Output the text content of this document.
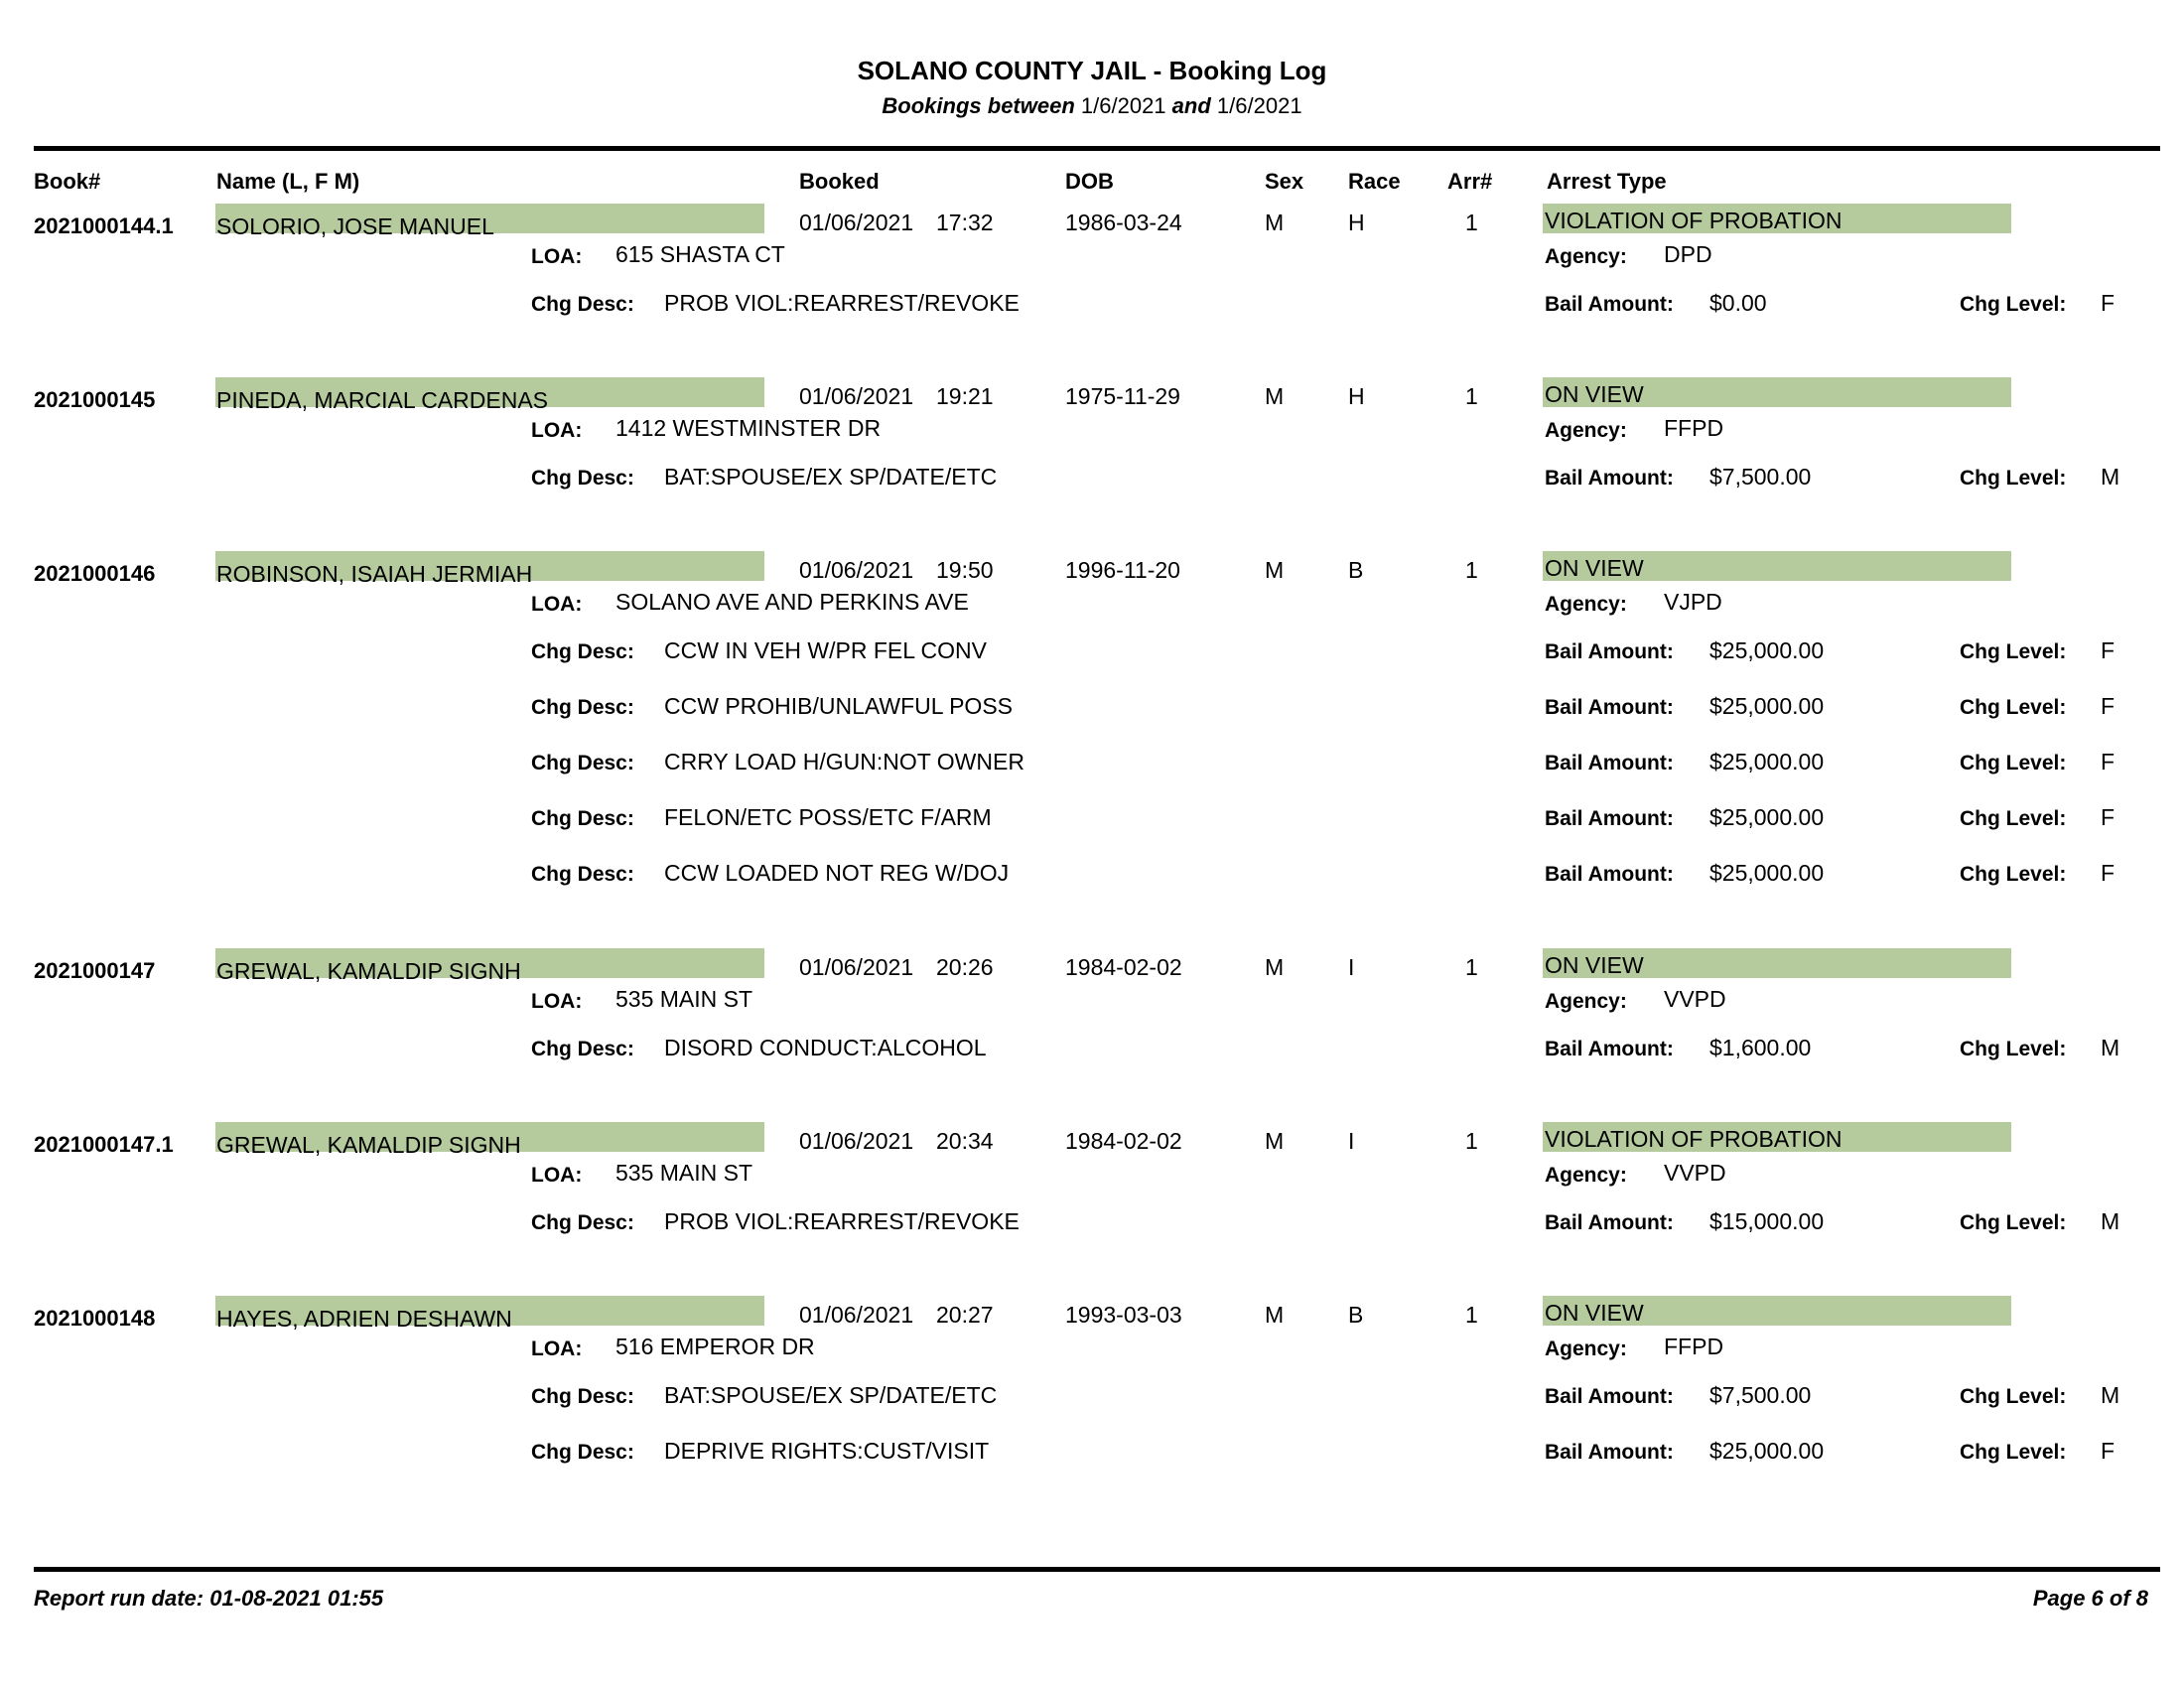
SOLANO COUNTY JAIL - Booking Log
Bookings between 1/6/2021 and 1/6/2021
Book#	Name (L, F M)	Booked	DOB	Sex Race Arr# Arrest Type
2021000144.1 SOLORIO, JOSE MANUEL	01/06/2021 17:32	1986-03-24	M	H	1	VIOLATION OF PROBATION
LOA: 615 SHASTA CT	Agency: DPD
Chg Desc: PROB VIOL:REARREST/REVOKE	Bail Amount: $0.00	Chg Level: F
2021000145	PINEDA, MARCIAL CARDENAS	01/06/2021 19:21	1975-11-29	M	H	1	ON VIEW
LOA: 1412 WESTMINSTER DR	Agency: FFPD
Chg Desc: BAT:SPOUSE/EX SP/DATE/ETC	Bail Amount: $7,500.00	Chg Level: M
2021000146	ROBINSON, ISAIAH JERMIAH	01/06/2021 19:50	1996-11-20	M	B	1	ON VIEW
LOA: SOLANO AVE AND PERKINS AVE	Agency: VJPD
Chg Desc: CCW IN VEH W/PR FEL CONV	Bail Amount: $25,000.00	Chg Level: F
Chg Desc: CCW PROHIB/UNLAWFUL POSS	Bail Amount: $25,000.00	Chg Level: F
Chg Desc: CRRY LOAD H/GUN:NOT OWNER	Bail Amount: $25,000.00	Chg Level: F
Chg Desc: FELON/ETC POSS/ETC F/ARM	Bail Amount: $25,000.00	Chg Level: F
Chg Desc: CCW LOADED NOT REG W/DOJ	Bail Amount: $25,000.00	Chg Level: F
2021000147	GREWAL, KAMALDIP SIGNH	01/06/2021 20:26	1984-02-02	M	I	1	ON VIEW
LOA: 535 MAIN ST	Agency: VVPD
Chg Desc: DISORD CONDUCT:ALCOHOL	Bail Amount: $1,600.00	Chg Level: M
2021000147.1 GREWAL, KAMALDIP SIGNH	01/06/2021 20:34	1984-02-02	M	I	1	VIOLATION OF PROBATION
LOA: 535 MAIN ST	Agency: VVPD
Chg Desc: PROB VIOL:REARREST/REVOKE	Bail Amount: $15,000.00	Chg Level: M
2021000148	HAYES, ADRIEN DESHAWN	01/06/2021 20:27	1993-03-03	M	B	1	ON VIEW
LOA: 516 EMPEROR DR	Agency: FFPD
Chg Desc: BAT:SPOUSE/EX SP/DATE/ETC	Bail Amount: $7,500.00	Chg Level: M
Chg Desc: DEPRIVE RIGHTS:CUST/VISIT	Bail Amount: $25,000.00	Chg Level: F
Report run date: 01-08-2021 01:55	Page 6 of 8
